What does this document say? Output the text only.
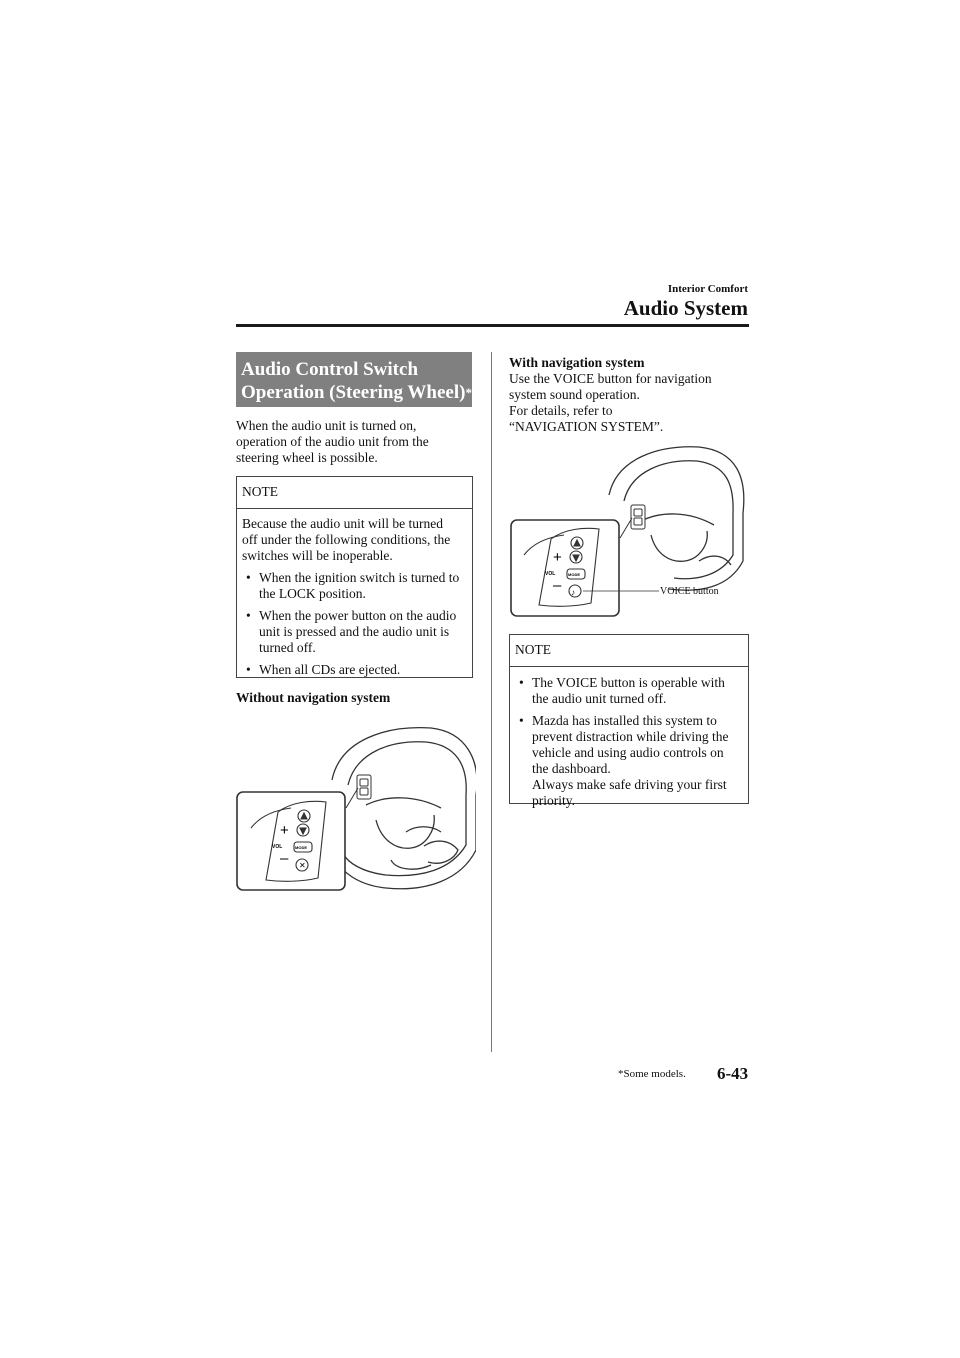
Interior Comfort
Audio System
Audio Control Switch
Operation (Steering Wheel)*
When the audio unit is turned on,
operation of the audio unit from the
steering wheel is possible.
NOTE
Because the audio unit will be turned
off under the following conditions, the
switches will be inoperable.
• When the ignition switch is turned to
the LOCK position.
• When the power button on the audio
unit is pressed and the audio unit is
turned off.
• When all CDs are ejected.
Without navigation system
+
–
VOL	MODE
✕
With navigation system
Use the VOICE button for navigation
system sound operation.
For details, refer to
“NAVIGATION SYSTEM”.
+
–
VOL	MODE
♪	VOICE button
NOTE
• The VOICE button is operable with
the audio unit turned off.
• Mazda has installed this system to
prevent distraction while driving the
vehicle and using audio controls on
the dashboard.
Always make safe driving your first
priority.
*Some models. 6-43
